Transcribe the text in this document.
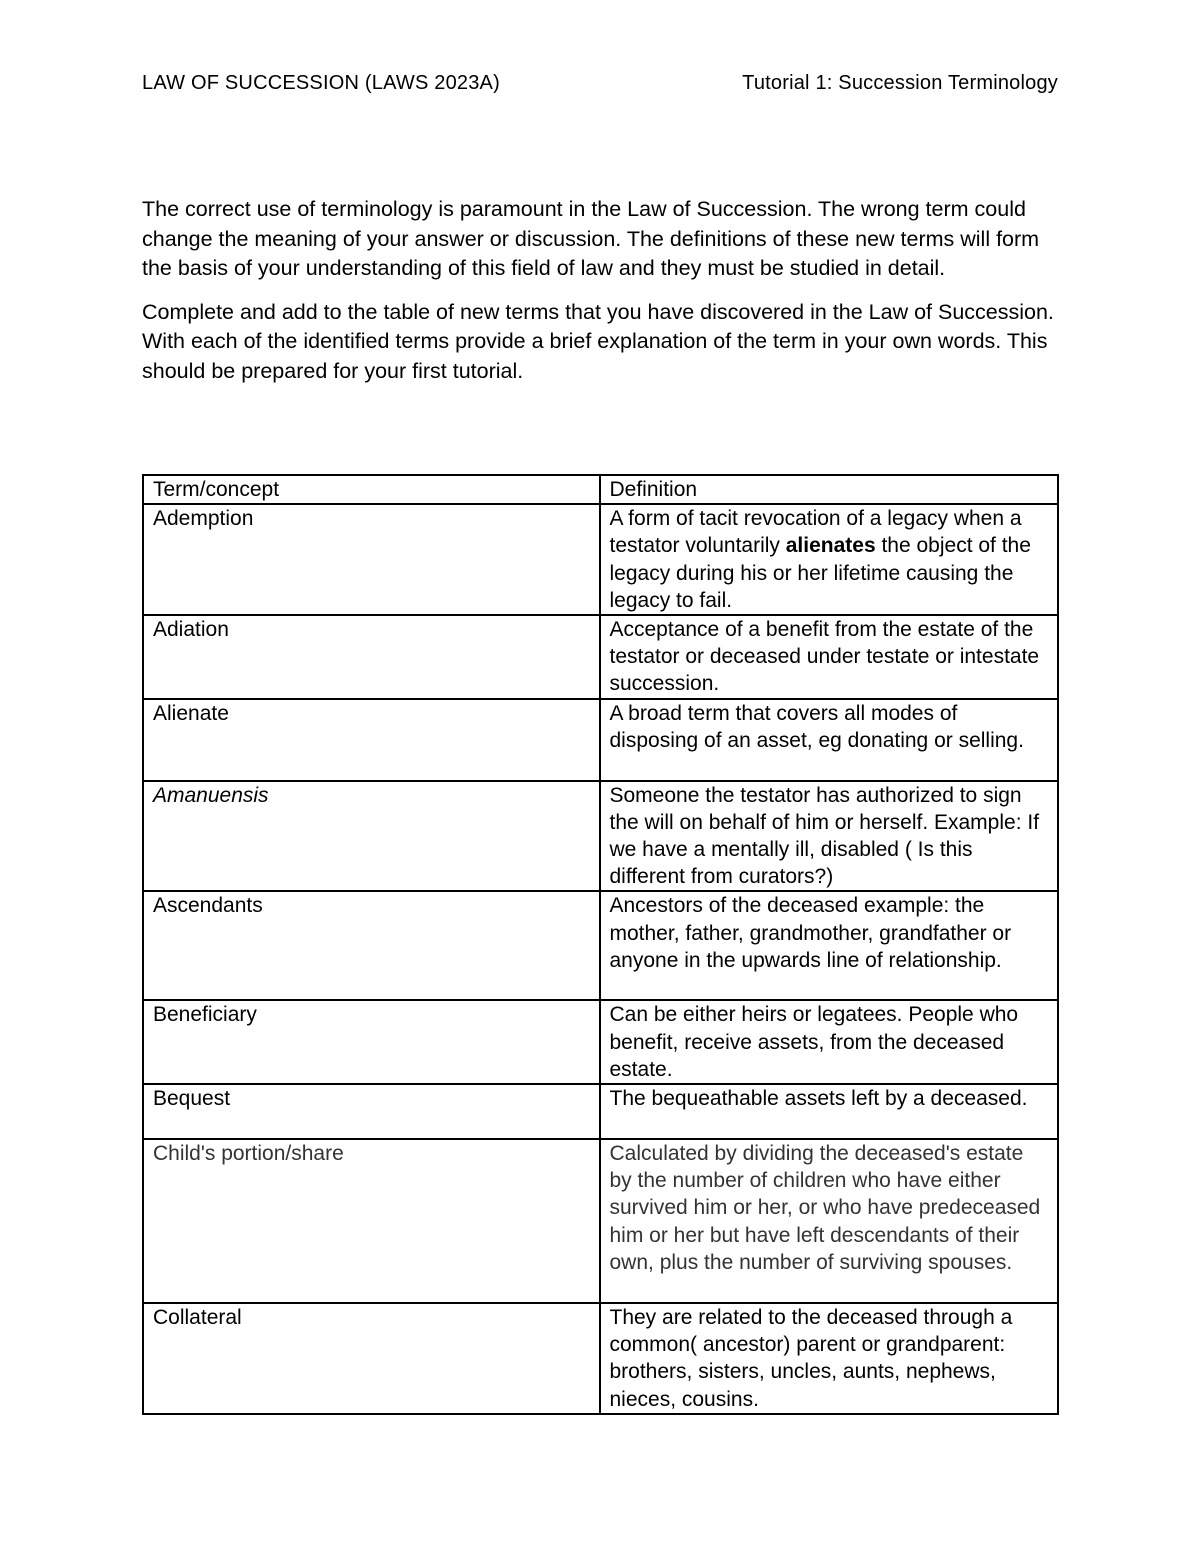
LAW OF SUCCESSION (LAWS 2023A)	Tutorial 1: Succession Terminology

The correct use of terminology is paramount in the Law of Succession. The wrong term could change the meaning of your answer or discussion. The definitions of these new terms will form the basis of your understanding of this field of law and they must be studied in detail.

Complete and add to the table of new terms that you have discovered in the Law of Succession. With each of the identified terms provide a brief explanation of the term in your own words. This should be prepared for your first tutorial.

Term/concept	Definition
Ademption	A form of tacit revocation of a legacy when a testator voluntarily alienates the object of the legacy during his or her lifetime causing the legacy to fail.
Adiation	Acceptance of a benefit from the estate of the testator or deceased under testate or intestate succession.
Alienate	A broad term that covers all modes of disposing of an asset, eg donating or selling.
Amanuensis	Someone the testator has authorized to sign the will on behalf of him or herself. Example: If we have a mentally ill, disabled ( Is this different from curators?)
Ascendants	Ancestors of the deceased example: the mother, father, grandmother, grandfather or anyone in the upwards line of relationship.
Beneficiary	Can be either heirs or legatees. People who benefit, receive assets, from the deceased estate.
Bequest	The bequeathable assets left by a deceased.
Child's portion/share	Calculated by dividing the deceased's estate by the number of children who have either survived him or her, or who have predeceased him or her but have left descendants of their own, plus the number of surviving spouses.
Collateral	They are related to the deceased through a common( ancestor) parent or grandparent: brothers, sisters, uncles, aunts, nephews, nieces, cousins.
